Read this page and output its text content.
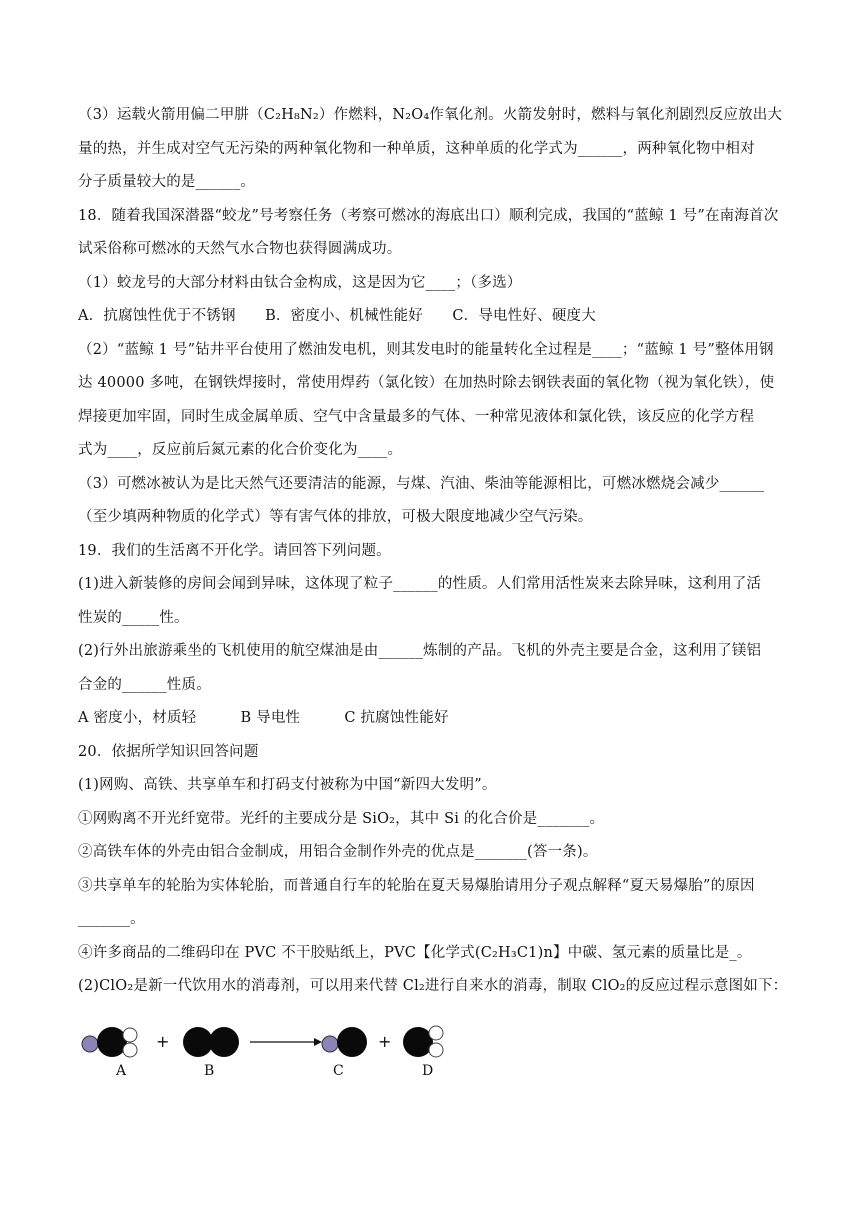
（3）运载火箭用偏二甲肼（C₂H₈N₂）作燃料，N₂O₄作氧化剂。火箭发射时，燃料与氧化剂剧烈反应放出大
量的热，并生成对空气无污染的两种氧化物和一种单质，这种单质的化学式为______，两种氧化物中相对
分子质量较大的是______。
18．随着我国深潜器“蛟龙”号考察任务（考察可燃冰的海底出口）顺利完成，我国的“蓝鲸 1 号”在南海首次
试采俗称可燃冰的天然气水合物也获得圆满成功。
（1）蛟龙号的大部分材料由钛合金构成，这是因为它____；（多选）
A．抗腐蚀性优于不锈钢　　B．密度小、机械性能好　　C．导电性好、硬度大
（2）“蓝鲸 1 号”钻井平台使用了燃油发电机，则其发电时的能量转化全过程是____；“蓝鲸 1 号”整体用钢
达 40000 多吨，在钢铁焊接时，常使用焊药（氯化铵）在加热时除去钢铁表面的氧化物（视为氧化铁），使
焊接更加牢固，同时生成金属单质、空气中含量最多的气体、一种常见液体和氯化铁，该反应的化学方程
式为____，反应前后氮元素的化合价变化为____。
（3）可燃冰被认为是比天然气还要清洁的能源，与煤、汽油、柴油等能源相比，可燃冰燃烧会减少______
（至少填两种物质的化学式）等有害气体的排放，可极大限度地减少空气污染。
19．我们的生活离不开化学。请回答下列问题。
(1)进入新装修的房间会闻到异味，这体现了粒子______的性质。人们常用活性炭来去除异味，这利用了活
性炭的_____性。
(2)行外出旅游乘坐的飞机使用的航空煤油是由______炼制的产品。飞机的外壳主要是合金，这利用了镁铝
合金的______性质。
A 密度小，材质轻　　　B 导电性　　　C 抗腐蚀性能好
20．依据所学知识回答问题
(1)网购、高铁、共享单车和打码支付被称为中国“新四大发明”。
①网购离不开光纤宽带。光纤的主要成分是 SiO₂，其中 Si 的化合价是_______。
②高铁车体的外壳由铝合金制成，用铝合金制作外壳的优点是_______(答一条)。
③共享单车的轮胎为实体轮胎，而普通自行车的轮胎在夏天易爆胎请用分子观点解释“夏天易爆胎”的原因
_______。
④许多商品的二维码印在 PVC 不干胶贴纸上，PVC【化学式(C₂H₃C1)n】中碳、氢元素的质量比是_。
(2)ClO₂是新一代饮用水的消毒剂，可以用来代替 Cl₂进行自来水的消毒，制取 ClO₂的反应过程示意图如下：
+	+
A	B	C	D
